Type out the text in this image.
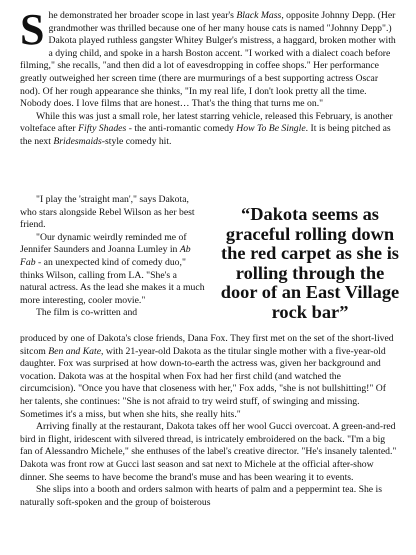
She demonstrated her broader scope in last year's Black Mass, opposite Johnny Depp. (Her grandmother was thrilled because one of her many house cats is named "Johnny Depp".) Dakota played ruthless gangster Whitey Bulger's mistress, a haggard, broken mother with a dying child, and spoke in a harsh Boston accent. "I worked with a dialect coach before filming," she recalls, "and then did a lot of eavesdropping in coffee shops." Her performance greatly outweighed her screen time (there are murmurings of a best supporting actress Oscar nod). Of her rough appearance she thinks, "In my real life, I don't look pretty all the time. Nobody does. I love films that are honest… That's the thing that turns me on."

While this was just a small role, her latest starring vehicle, released this February, is another volteface after Fifty Shades - the anti-romantic comedy How To Be Single. It is being pitched as the next Bridesmaids-style comedy hit.

"I play the 'straight man'," says Dakota, who stars alongside Rebel Wilson as her best friend.

"Our dynamic weirdly reminded me of Jennifer Saunders and Joanna Lumley in Ab Fab - an unexpected kind of comedy duo," thinks Wilson, calling from LA. "She's a natural actress. As the lead she makes it a much more interesting, cooler movie."

The film is co-written and

“Dakota seems as graceful rolling down the red carpet as she is rolling through the door of an East Village rock bar”

produced by one of Dakota's close friends, Dana Fox. They first met on the set of the short-lived sitcom Ben and Kate, with 21-year-old Dakota as the titular single mother with a five-year-old daughter. Fox was surprised at how down-to-earth the actress was, given her background and vocation. Dakota was at the hospital when Fox had her first child (and watched the circumcision). "Once you have that closeness with her," Fox adds, "she is not bullshitting!" Of her talents, she continues: "She is not afraid to try weird stuff, of swinging and missing. Sometimes it's a miss, but when she hits, she really hits."

Arriving finally at the restaurant, Dakota takes off her wool Gucci overcoat. A green-and-red bird in flight, iridescent with silvered thread, is intricately embroidered on the back. "I'm a big fan of Alessandro Michele," she enthuses of the label's creative director. "He's insanely talented." Dakota was front row at Gucci last season and sat next to Michele at the official after-show dinner. She seems to have become the brand's muse and has been wearing it to events.

She slips into a booth and orders salmon with hearts of palm and a peppermint tea. She is naturally soft-spoken and the group of boisterous
